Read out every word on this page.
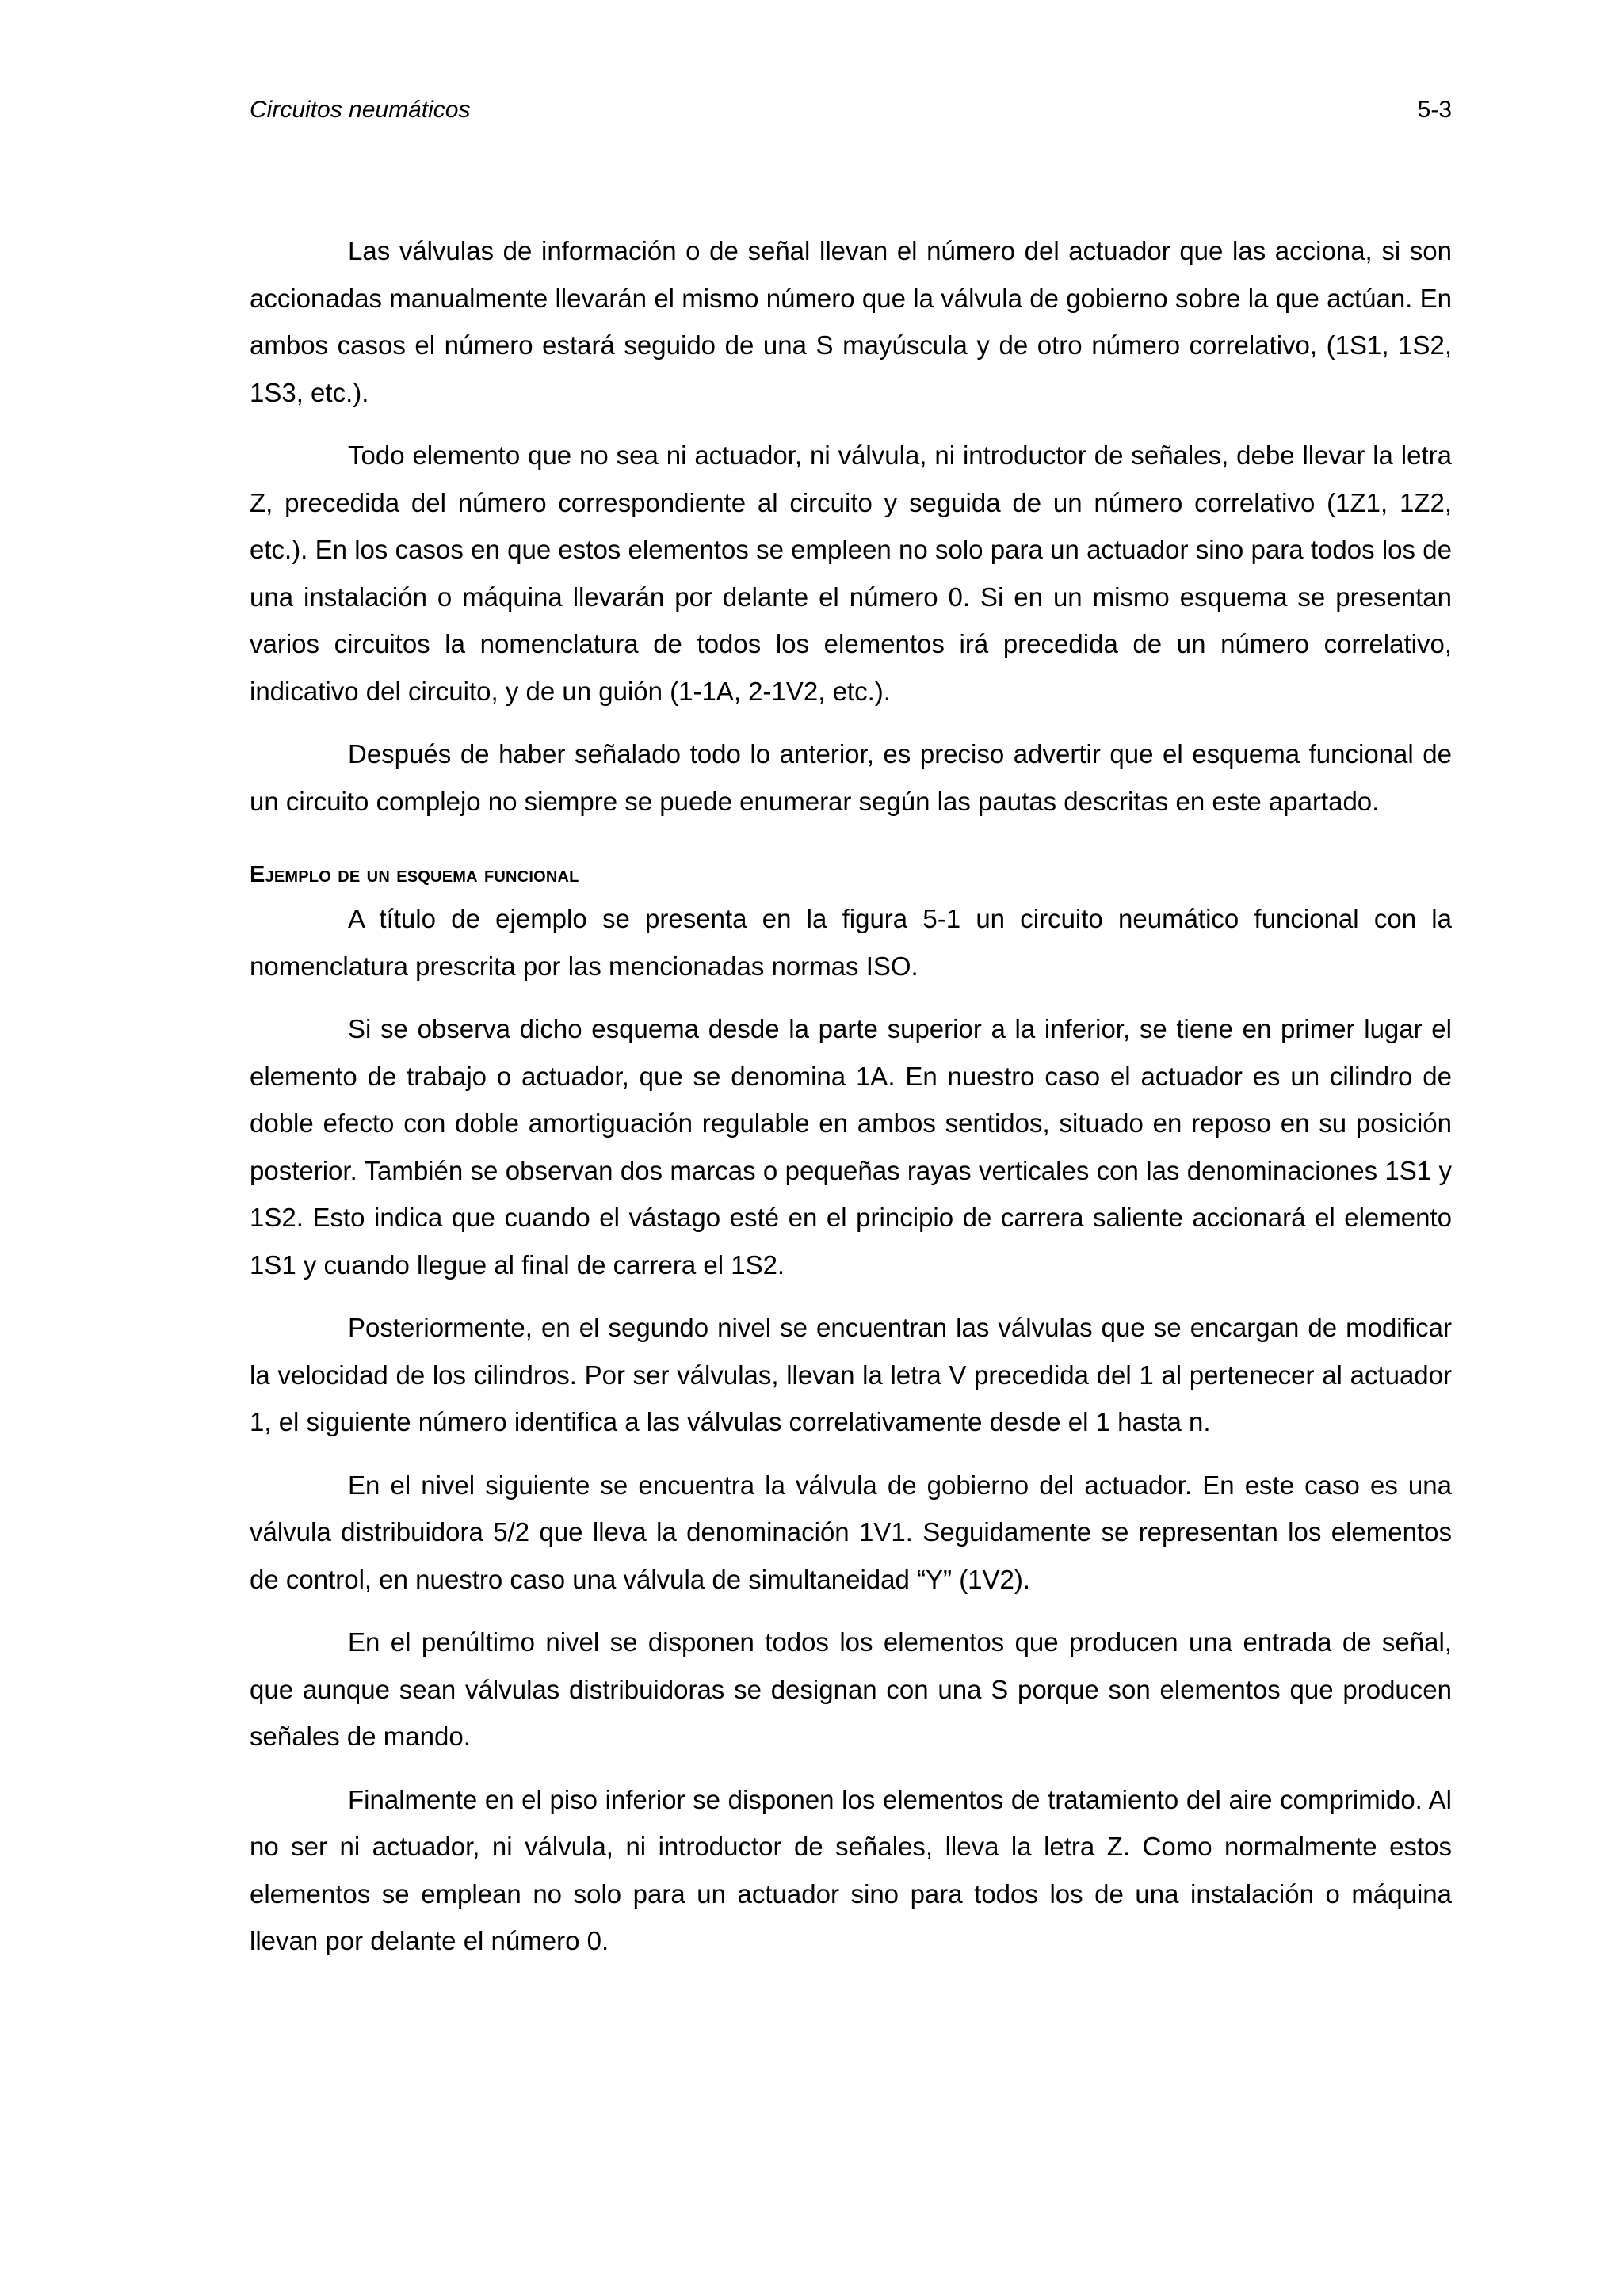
Circuitos neumáticos	5-3

Las válvulas de información o de señal llevan el número del actuador que las acciona, si son accionadas manualmente llevarán el mismo número que la válvula de gobierno sobre la que actúan. En ambos casos el número estará seguido de una S mayúscula y de otro número correlativo, (1S1, 1S2, 1S3, etc.).

Todo elemento que no sea ni actuador, ni válvula, ni introductor de señales, debe llevar la letra Z, precedida del número correspondiente al circuito y seguida de un número correlativo (1Z1, 1Z2, etc.). En los casos en que estos elementos se empleen no solo para un actuador sino para todos los de una instalación o máquina llevarán por delante el número 0. Si en un mismo esquema se presentan varios circuitos la nomenclatura de todos los elementos irá precedida de un número correlativo, indicativo del circuito, y de un guión (1-1A, 2-1V2, etc.).

Después de haber señalado todo lo anterior, es preciso advertir que el esquema funcional de un circuito complejo no siempre se puede enumerar según las pautas descritas en este apartado.

Ejemplo de un esquema funcional

A título de ejemplo se presenta en la figura 5-1 un circuito neumático funcional con la nomenclatura prescrita por las mencionadas normas ISO.

Si se observa dicho esquema desde la parte superior a la inferior, se tiene en primer lugar el elemento de trabajo o actuador, que se denomina 1A. En nuestro caso el actuador es un cilindro de doble efecto con doble amortiguación regulable en ambos sentidos, situado en reposo en su posición posterior. También se observan dos marcas o pequeñas rayas verticales con las denominaciones 1S1 y 1S2. Esto indica que cuando el vástago esté en el principio de carrera saliente accionará el elemento 1S1 y cuando llegue al final de carrera el 1S2.

Posteriormente, en el segundo nivel se encuentran las válvulas que se encargan de modificar la velocidad de los cilindros. Por ser válvulas, llevan la letra V precedida del 1 al pertenecer al actuador 1, el siguiente número identifica a las válvulas correlativamente desde el 1 hasta n.

En el nivel siguiente se encuentra la válvula de gobierno del actuador. En este caso es una válvula distribuidora 5/2 que lleva la denominación 1V1. Seguidamente se representan los elementos de control, en nuestro caso una válvula de simultaneidad “Y” (1V2).

En el penúltimo nivel se disponen todos los elementos que producen una entrada de señal, que aunque sean válvulas distribuidoras se designan con una S porque son elementos que producen señales de mando.

Finalmente en el piso inferior se disponen los elementos de tratamiento del aire comprimido. Al no ser ni actuador, ni válvula, ni introductor de señales, lleva la letra Z. Como normalmente estos elementos se emplean no solo para un actuador sino para todos los de una instalación o máquina llevan por delante el número 0.
